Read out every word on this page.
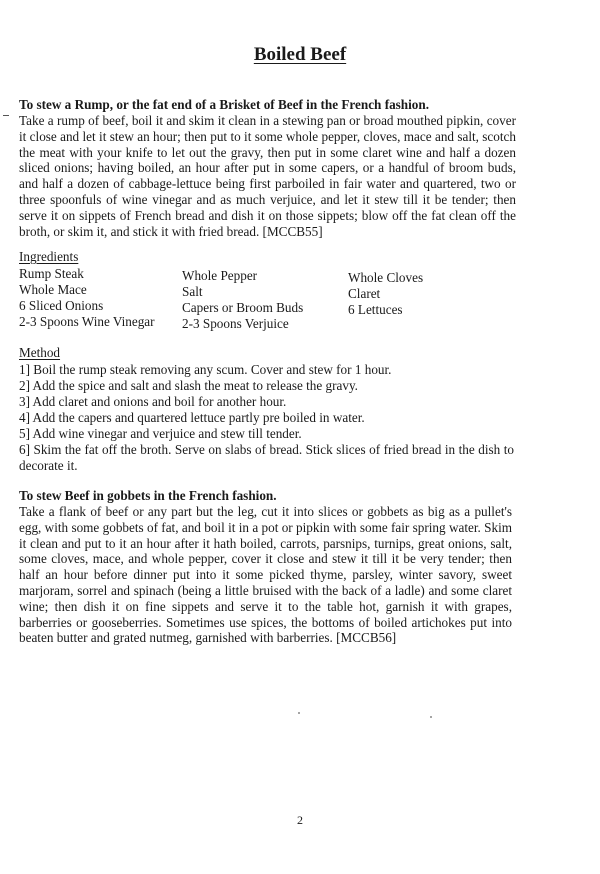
Boiled Beef
To stew a Rump, or the fat end of a Brisket of Beef in the French fashion.

Take a rump of beef, boil it and skim it clean in a stewing pan or broad mouthed pipkin, cover it close and let it stew an hour; then put to it some whole pepper, cloves, mace and salt, scotch the meat with your knife to let out the gravy, then put in some claret wine and half a dozen sliced onions; having boiled, an hour after put in some capers, or a handful of broom buds, and half a dozen of cabbage-lettuce being first parboiled in fair water and quartered, two or three spoonfuls of wine vinegar and as much verjuice, and let it stew till it be tender; then serve it on sippets of French bread and dish it on those sippets; blow off the fat clean off the broth, or skim it, and stick it with fried bread. [MCCB55]

Ingredients
Rump Steak
Whole Mace
6 Sliced Onions
2-3 Spoons Wine Vinegar
Whole Pepper
Salt
Capers or Broom Buds
2-3 Spoons Verjuice
Whole Cloves
Claret
6 Lettuces
Method
1] Boil the rump steak removing any scum. Cover and stew for 1 hour.
2] Add the spice and salt and slash the meat to release the gravy.
3] Add claret and onions and boil for another hour.
4] Add the capers and quartered lettuce partly pre boiled in water.
5] Add wine vinegar and verjuice and stew till tender.
6] Skim the fat off the broth. Serve on slabs of bread. Stick slices of fried bread in the dish to decorate it.
To stew Beef in gobbets in the French fashion.

Take a flank of beef or any part but the leg, cut it into slices or gobbets as big as a pullet's egg, with some gobbets of fat, and boil it in a pot or pipkin with some fair spring water. Skim it clean and put to it an hour after it hath boiled, carrots, parsnips, turnips, great onions, salt, some cloves, mace, and whole pepper, cover it close and stew it till it be very tender; then half an hour before dinner put into it some picked thyme, parsley, winter savory, sweet marjoram, sorrel and spinach (being a little bruised with the back of a ladle) and some claret wine; then dish it on fine sippets and serve it to the table hot, garnish it with grapes, barberries or gooseberries. Sometimes use spices, the bottoms of boiled artichokes put into beaten butter and grated nutmeg, garnished with barberries. [MCCB56]

2
